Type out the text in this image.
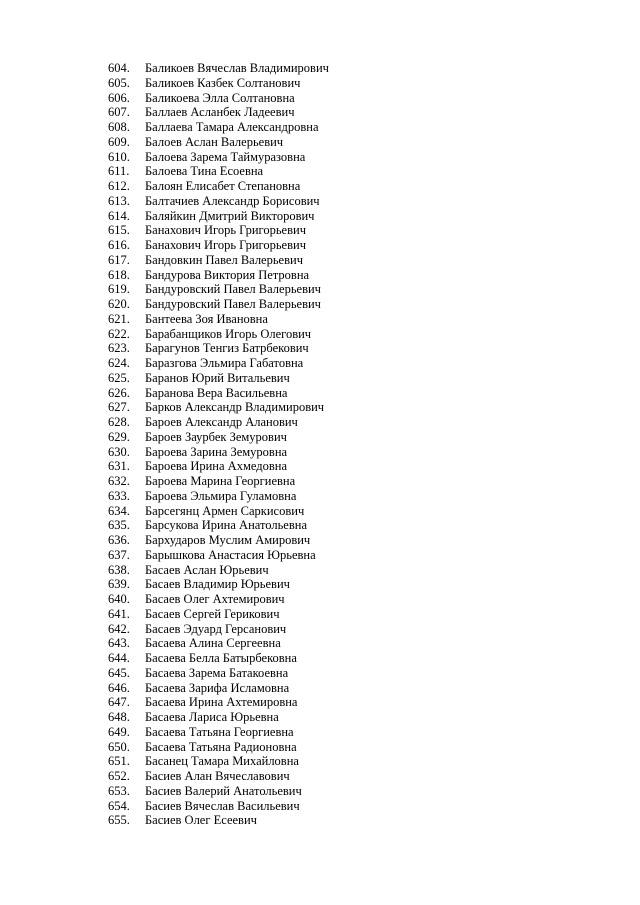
604.	Баликоев Вячеслав Владимирович
605.	Баликоев Казбек Солтанович
606.	Баликоева Элла Солтановна
607.	Баллаев Асланбек Ладеевич
608.	Баллаева Тамара Александровна
609.	Балоев Аслан Валерьевич
610.	Балоева Зарема Таймуразовна
611.	Балоева Тина Есоевна
612.	Балоян Елисабет Степановна
613.	Балтачиев Александр Борисович
614.	Баляйкин Дмитрий Викторович
615.	Банахович Игорь Григорьевич
616.	Банахович Игорь Григорьевич
617.	Бандовкин Павел Валерьевич
618.	Бандурова Виктория Петровна
619.	Бандуровский Павел Валерьевич
620.	Бандуровский Павел Валерьевич
621.	Бантеева Зоя Ивановна
622.	Барабанщиков Игорь Олегович
623.	Барагунов Тенгиз Батрбекович
624.	Баразгова Эльмира Габатовна
625.	Баранов Юрий Витальевич
626.	Баранова Вера Васильевна
627.	Барков Александр Владимирович
628.	Бароев Александр Аланович
629.	Бароев Заурбек Земурович
630.	Бароева Зарина Земуровна
631.	Бароева Ирина Ахмедовна
632.	Бароева Марина Георгиевна
633.	Бароева Эльмира Гуламовна
634.	Барсегянц Армен Саркисович
635.	Барсукова Ирина Анатольевна
636.	Бархударов Муслим Амирович
637.	Барышкова Анастасия Юрьевна
638.	Басаев Аслан Юрьевич
639.	Басаев Владимир Юрьевич
640.	Басаев Олег Ахтемирович
641.	Басаев Сергей Герикович
642.	Басаев Эдуард Герсанович
643.	Басаева Алина Сергеевна
644.	Басаева Белла Батырбековна
645.	Басаева Зарема Батакоевна
646.	Басаева Зарифа Исламовна
647.	Басаева Ирина Ахтемировна
648.	Басаева Лариса Юрьевна
649.	Басаева Татьяна Георгиевна
650.	Басаева Татьяна Радионовна
651.	Басанец Тамара Михайловна
652.	Басиев Алан Вячеславович
653.	Басиев Валерий Анатольевич
654.	Басиев Вячеслав Васильевич
655.	Басиев Олег Есеевич
